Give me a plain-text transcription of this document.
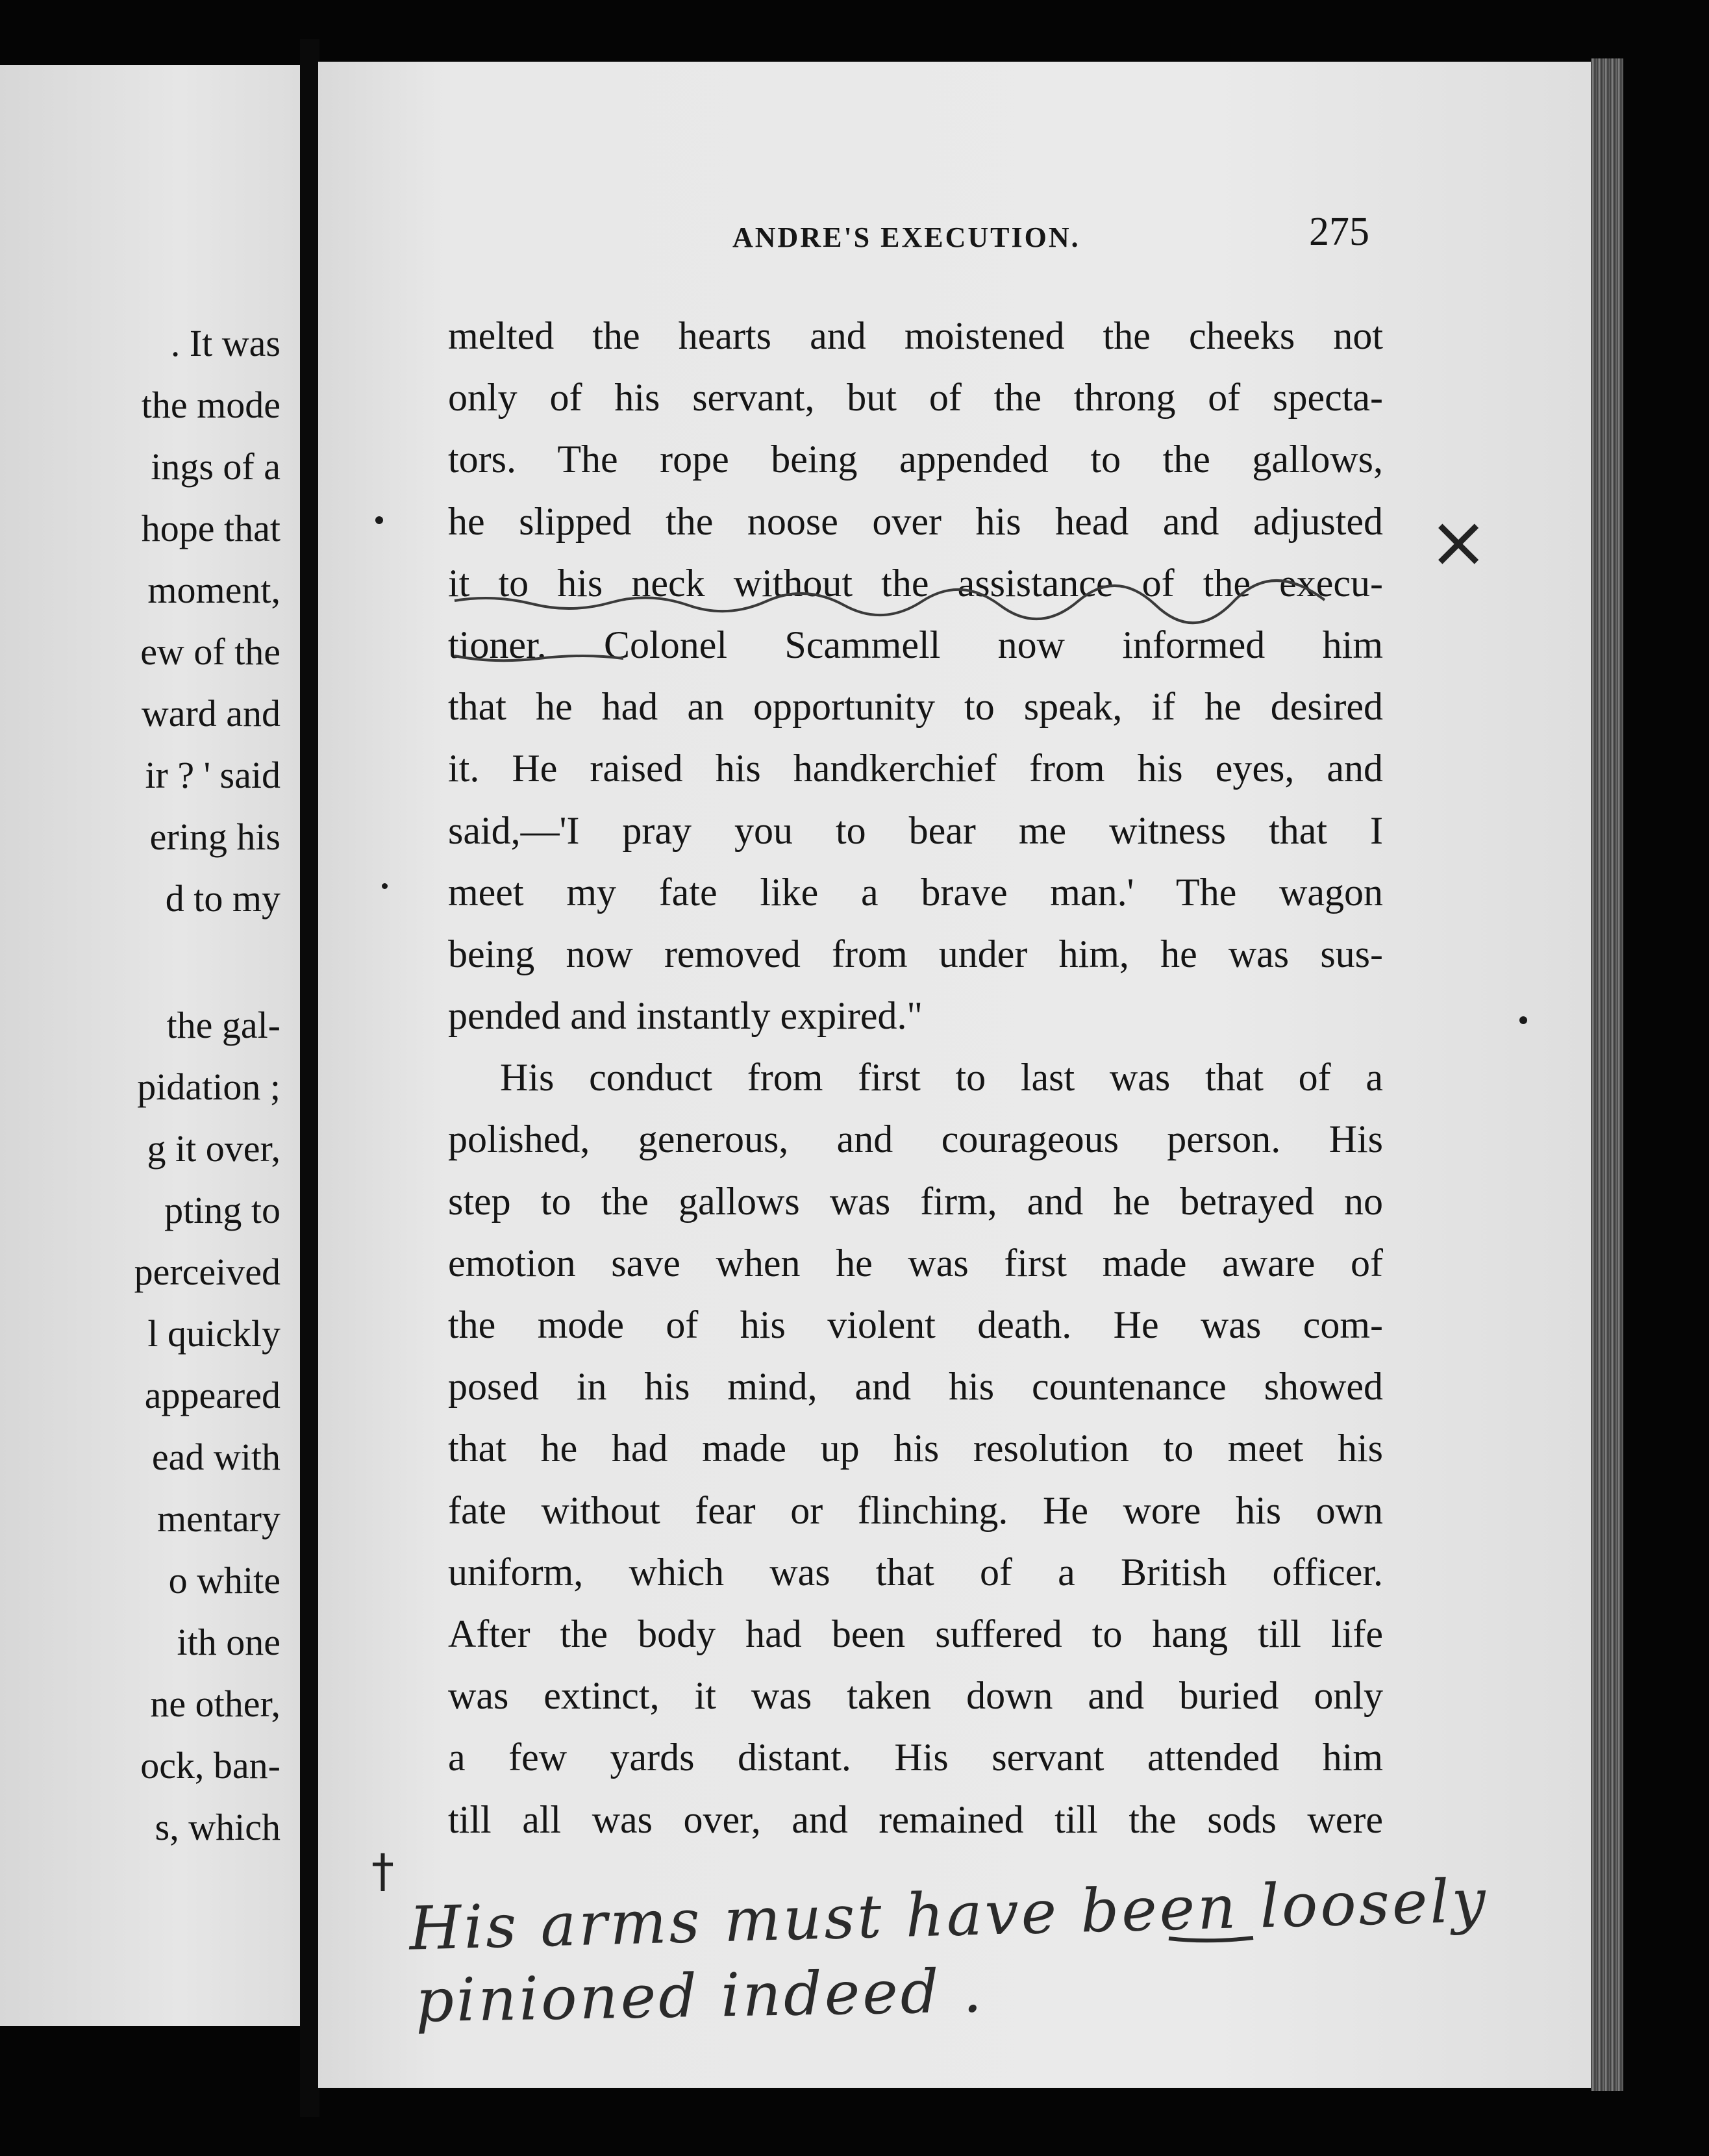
. It was
the mode
ings of a
hope that
moment,
ew of the
ward and
ir ? ' said
ering his
d to my
the gal-
pidation ;
g it over,
pting to
perceived
l quickly
appeared
ead with
mentary
o white
ith one
ne other,
ock, ban-
s, which
ANDRE'S EXECUTION.	275
melted the hearts and moistened the cheeks not
only of his servant, but of the throng of specta-
tors. The rope being appended to the gallows,
he slipped the noose over his head and adjusted
it to his neck without the assistance of the execu-
tioner. Colonel Scammell now informed him
that he had an opportunity to speak, if he desired
it. He raised his handkerchief from his eyes, and
said,—'I pray you to bear me witness that I
meet my fate like a brave man.' The wagon
being now removed from under him, he was sus-
pended and instantly expired."
His conduct from first to last was that of a
polished, generous, and courageous person. His
step to the gallows was firm, and he betrayed no
emotion save when he was first made aware of
the mode of his violent death. He was com-
posed in his mind, and his countenance showed
that he had made up his resolution to meet his
fate without fear or flinching. He wore his own
uniform, which was that of a British officer.
After the body had been suffered to hang till life
was extinct, it was taken down and buried only
a few yards distant. His servant attended him
till all was over, and remained till the sods were
×
† His arms must have been loosely
pinioned indeed .
